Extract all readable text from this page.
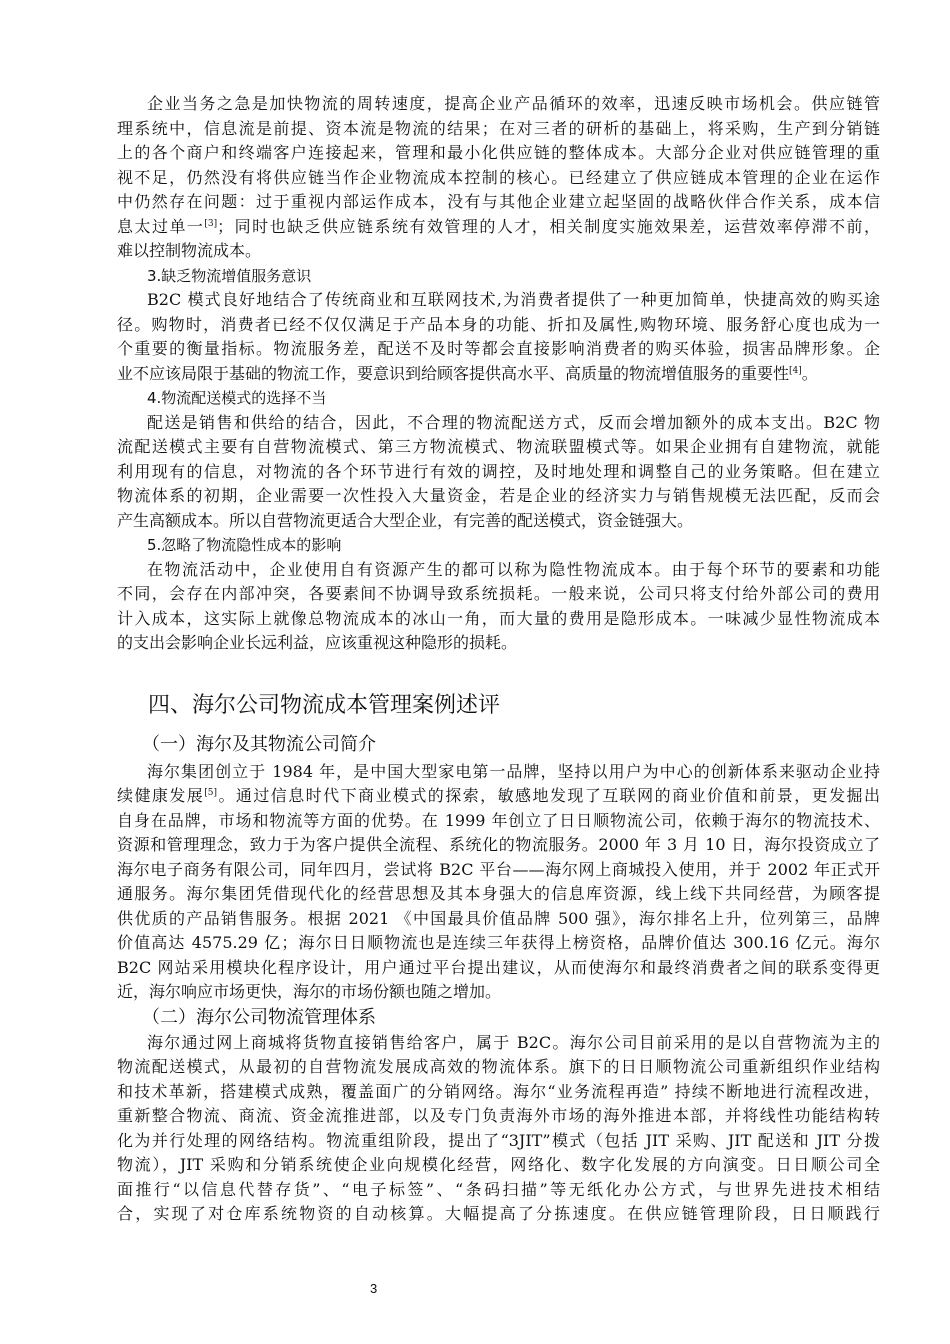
企业当务之急是加快物流的周转速度，提高企业产品循环的效率，迅速反映市场机会。供应链管
理系统中，信息流是前提、资本流是物流的结果；在对三者的研析的基础上，将采购，生产到分销链
上的各个商户和终端客户连接起来，管理和最小化供应链的整体成本。大部分企业对供应链管理的重
视不足，仍然没有将供应链当作企业物流成本控制的核心。已经建立了供应链成本管理的企业在运作
中仍然存在问题：过于重视内部运作成本，没有与其他企业建立起坚固的战略伙伴合作关系，成本信
息太过单一[3]；同时也缺乏供应链系统有效管理的人才，相关制度实施效果差，运营效率停滞不前，
难以控制物流成本。
3.缺乏物流增值服务意识
B2C 模式良好地结合了传统商业和互联网技术,为消费者提供了一种更加简单，快捷高效的购买途
径。购物时，消费者已经不仅仅满足于产品本身的功能、折扣及属性,购物环境、服务舒心度也成为一
个重要的衡量指标。物流服务差，配送不及时等都会直接影响消费者的购买体验，损害品牌形象。企
业不应该局限于基础的物流工作，要意识到给顾客提供高水平、高质量的物流增值服务的重要性[4]。
4.物流配送模式的选择不当
配送是销售和供给的结合，因此，不合理的物流配送方式，反而会增加额外的成本支出。B2C 物
流配送模式主要有自营物流模式、第三方物流模式、物流联盟模式等。如果企业拥有自建物流，就能
利用现有的信息，对物流的各个环节进行有效的调控，及时地处理和调整自己的业务策略。但在建立
物流体系的初期，企业需要一次性投入大量资金，若是企业的经济实力与销售规模无法匹配，反而会
产生高额成本。所以自营物流更适合大型企业，有完善的配送模式，资金链强大。
5.忽略了物流隐性成本的影响
在物流活动中，企业使用自有资源产生的都可以称为隐性物流成本。由于每个环节的要素和功能
不同，会存在内部冲突，各要素间不协调导致系统损耗。一般来说，公司只将支付给外部公司的费用
计入成本，这实际上就像总物流成本的冰山一角，而大量的费用是隐形成本。一味减少显性物流成本
的支出会影响企业长远利益，应该重视这种隐形的损耗。
四、海尔公司物流成本管理案例述评
（一）海尔及其物流公司简介
海尔集团创立于 1984 年，是中国大型家电第一品牌，坚持以用户为中心的创新体系来驱动企业持
续健康发展[5]。通过信息时代下商业模式的探索，敏感地发现了互联网的商业价值和前景，更发掘出
自身在品牌，市场和物流等方面的优势。在 1999 年创立了日日顺物流公司，依赖于海尔的物流技术、
资源和管理理念，致力于为客户提供全流程、系统化的物流服务。2000 年 3 月 10 日，海尔投资成立了
海尔电子商务有限公司，同年四月，尝试将 B2C 平台——海尔网上商城投入使用，并于 2002 年正式开
通服务。海尔集团凭借现代化的经营思想及其本身强大的信息库资源，线上线下共同经营，为顾客提
供优质的产品销售服务。根据 2021 《中国最具价值品牌 500 强》，海尔排名上升，位列第三，品牌
价值高达 4575.29 亿；海尔日日顺物流也是连续三年获得上榜资格，品牌价值达 300.16 亿元。海尔
B2C 网站采用模块化程序设计，用户通过平台提出建议，从而使海尔和最终消费者之间的联系变得更
近，海尔响应市场更快，海尔的市场份额也随之增加。
（二）海尔公司物流管理体系
海尔通过网上商城将货物直接销售给客户，属于 B2C。海尔公司目前采用的是以自营物流为主的
物流配送模式，从最初的自营物流发展成高效的物流体系。旗下的日日顺物流公司重新组织作业结构
和技术革新，搭建模式成熟，覆盖面广的分销网络。海尔“业务流程再造” 持续不断地进行流程改进，
重新整合物流、商流、资金流推进部，以及专门负责海外市场的海外推进本部，并将线性功能结构转
化为并行处理的网络结构。物流重组阶段，提出了“3JIT”模式（包括 JIT 采购、JIT 配送和 JIT 分拨
物流），JIT 采购和分销系统使企业向规模化经营，网络化、数字化发展的方向演变。日日顺公司全
面推行“以信息代替存货”、“电子标签”、“条码扫描”等无纸化办公方式，与世界先进技术相结
合，实现了对仓库系统物资的自动核算。大幅提高了分拣速度。在供应链管理阶段，日日顺践行
3
